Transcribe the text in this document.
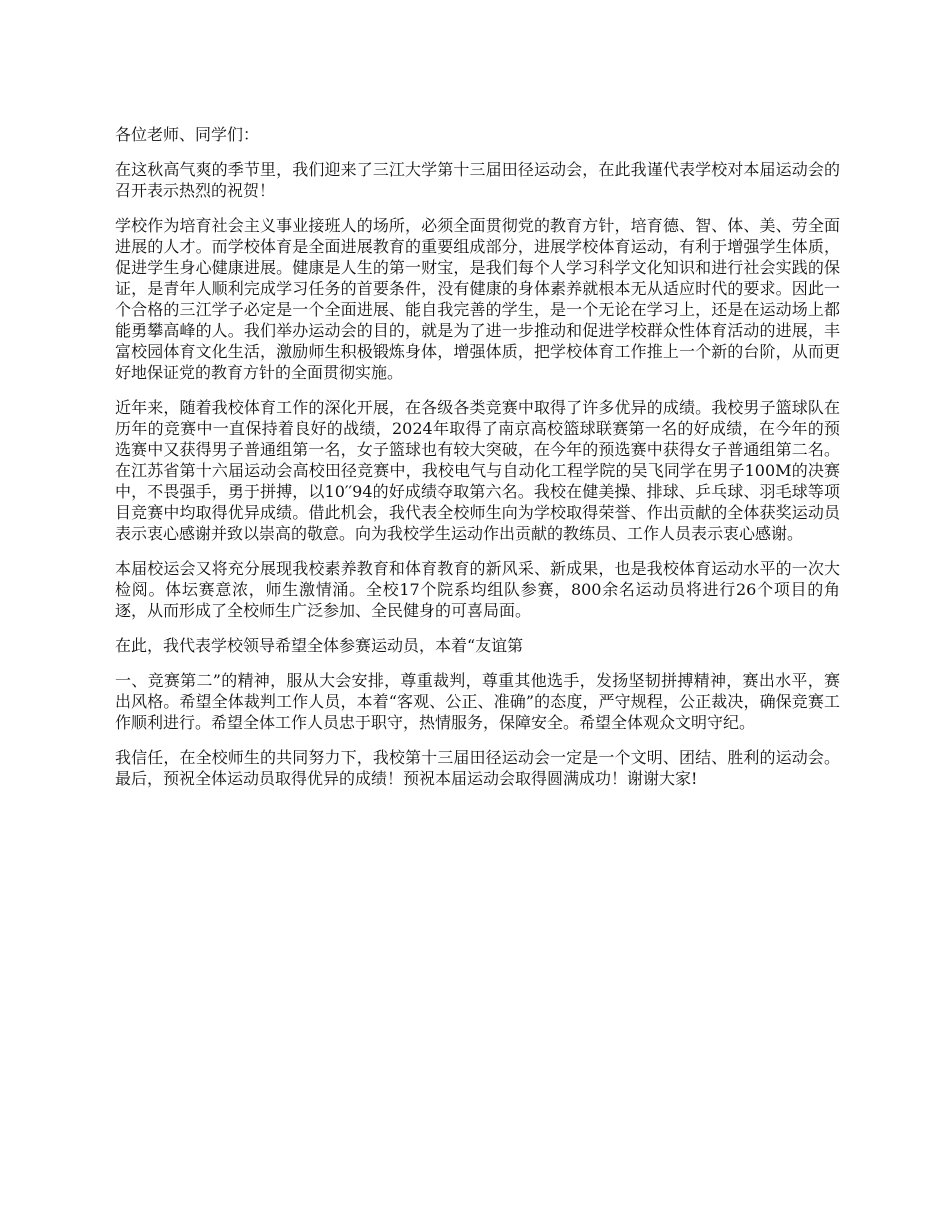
各位老师、同学们：

在这秋高气爽的季节里，我们迎来了三江大学第十三届田径运动会，在此我谨代表学校对本届运动会的召开表示热烈的祝贺！

学校作为培育社会主义事业接班人的场所，必须全面贯彻党的教育方针，培育德、智、体、美、劳全面进展的人才。而学校体育是全面进展教育的重要组成部分，进展学校体育运动，有利于增强学生体质，促进学生身心健康进展。健康是人生的第一财宝，是我们每个人学习科学文化知识和进行社会实践的保证，是青年人顺利完成学习任务的首要条件，没有健康的身体素养就根本无从适应时代的要求。因此一个合格的三江学子必定是一个全面进展、能自我完善的学生，是一个无论在学习上，还是在运动场上都能勇攀高峰的人。我们举办运动会的目的，就是为了进一步推动和促进学校群众性体育活动的进展，丰富校园体育文化生活，激励师生积极锻炼身体，增强体质，把学校体育工作推上一个新的台阶，从而更好地保证党的教育方针的全面贯彻实施。

近年来，随着我校体育工作的深化开展，在各级各类竞赛中取得了许多优异的成绩。我校男子篮球队在历年的竞赛中一直保持着良好的战绩，2024年取得了南京高校篮球联赛第一名的好成绩，在今年的预选赛中又获得男子普通组第一名，女子篮球也有较大突破，在今年的预选赛中获得女子普通组第二名。在江苏省第十六届运动会高校田径竞赛中，我校电气与自动化工程学院的吴飞同学在男子100M的决赛中，不畏强手，勇于拼搏，以10′′94的好成绩夺取第六名。我校在健美操、排球、乒乓球、羽毛球等项目竞赛中均取得优异成绩。借此机会，我代表全校师生向为学校取得荣誉、作出贡献的全体获奖运动员表示衷心感谢并致以崇高的敬意。向为我校学生运动作出贡献的教练员、工作人员表示衷心感谢。

本届校运会又将充分展现我校素养教育和体育教育的新风采、新成果，也是我校体育运动水平的一次大检阅。体坛赛意浓，师生激情涌。全校17个院系均组队参赛，800余名运动员将进行26个项目的角逐，从而形成了全校师生广泛参加、全民健身的可喜局面。

在此，我代表学校领导希望全体参赛运动员，本着“友谊第

一、竞赛第二”的精神，服从大会安排，尊重裁判，尊重其他选手，发扬坚韧拼搏精神，赛出水平，赛出风格。希望全体裁判工作人员，本着“客观、公正、准确”的态度，严守规程，公正裁决，确保竞赛工作顺利进行。希望全体工作人员忠于职守，热情服务，保障安全。希望全体观众文明守纪。

我信任，在全校师生的共同努力下，我校第十三届田径运动会一定是一个文明、团结、胜利的运动会。最后，预祝全体运动员取得优异的成绩！预祝本届运动会取得圆满成功！谢谢大家!
